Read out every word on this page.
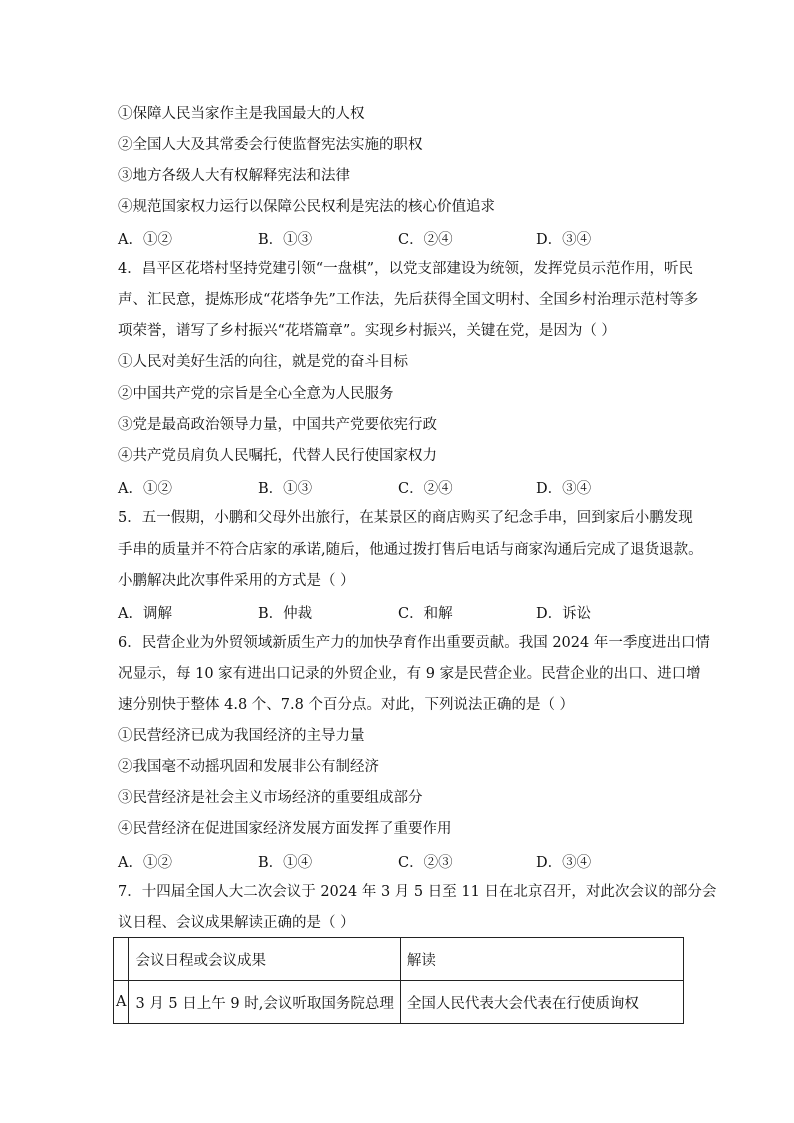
①保障人民当家作主是我国最大的人权
②全国人大及其常委会行使监督宪法实施的职权
③地方各级人大有权解释宪法和法律
④规范国家权力运行以保障公民权利是宪法的核心价值追求
A．①②	B．①③	C．②④	D．③④
4．昌平区花塔村坚持党建引领“一盘棋”，以党支部建设为统领，发挥党员示范作用，听民
声、汇民意，提炼形成“花塔争先”工作法，先后获得全国文明村、全国乡村治理示范村等多
项荣誉，谱写了乡村振兴“花塔篇章”。实现乡村振兴，关键在党，是因为（ ）
①人民对美好生活的向往，就是党的奋斗目标
②中国共产党的宗旨是全心全意为人民服务
③党是最高政治领导力量，中国共产党要依宪行政
④共产党员肩负人民嘱托，代替人民行使国家权力
A．①②	B．①③	C．②④	D．③④
5．五一假期，小鹏和父母外出旅行，在某景区的商店购买了纪念手串，回到家后小鹏发现
手串的质量并不符合店家的承诺,随后，他通过拨打售后电话与商家沟通后完成了退货退款。
小鹏解决此次事件采用的方式是（ ）
A．调解	B．仲裁	C．和解	D．诉讼
6．民营企业为外贸领域新质生产力的加快孕育作出重要贡献。我国 2024 年一季度进出口情
况显示，每 10 家有进出口记录的外贸企业，有 9 家是民营企业。民营企业的出口、进口增
速分别快于整体 4.8 个、7.8 个百分点。对此，下列说法正确的是（ ）
①民营经济已成为我国经济的主导力量
②我国毫不动摇巩固和发展非公有制经济
③民营经济是社会主义市场经济的重要组成部分
④民营经济在促进国家经济发展方面发挥了重要作用
A．①②	B．①④	C．②③	D．③④
7．十四届全国人大二次会议于 2024 年 3 月 5 日至 11 日在北京召开，对此次会议的部分会
议日程、会议成果解读正确的是（ ）
	会议日程或会议成果	解读
A	3 月 5 日上午 9 时,会议听取国务院总理	全国人民代表大会代表在行使质询权
